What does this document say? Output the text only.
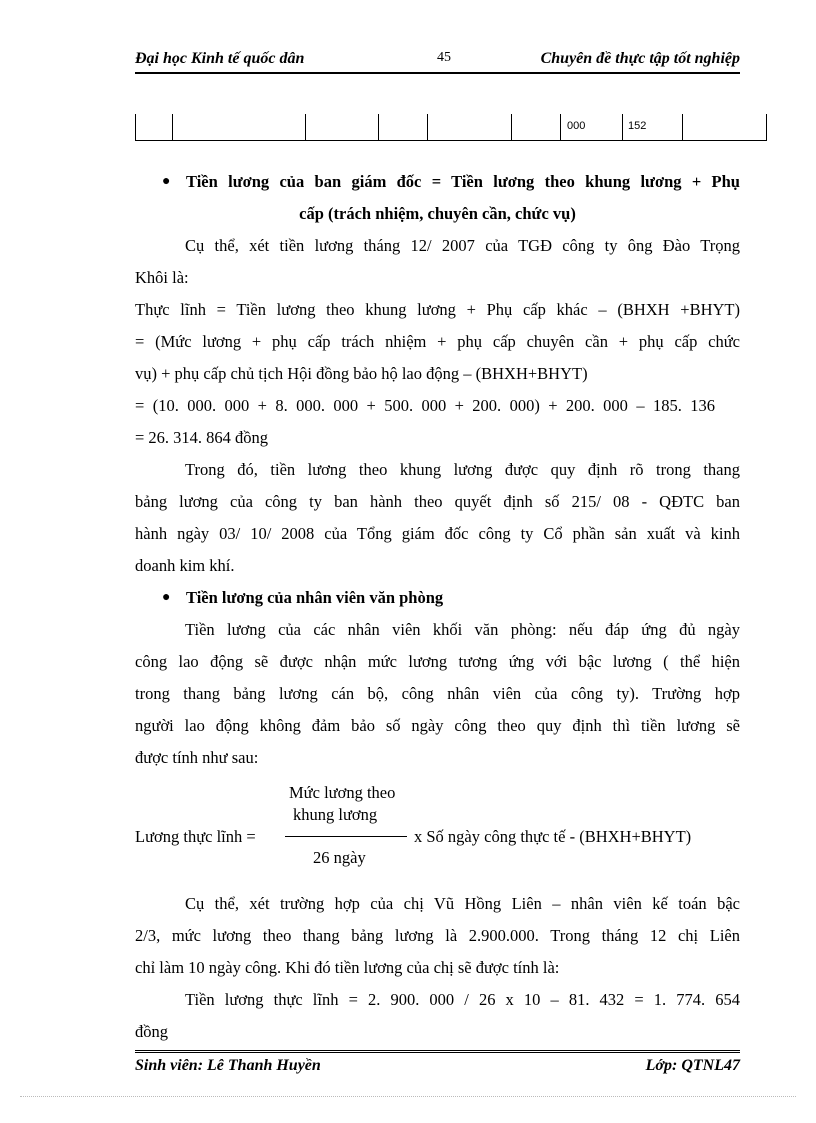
Đại học Kinh tế quốc dân	45	Chuyên đề thực tập tốt nghiệp
000	152
● Tiền lương của ban giám đốc = Tiền lương theo khung lương + Phụ
cấp (trách nhiệm, chuyên cần, chức vụ)
Cụ thể, xét tiền lương tháng 12/ 2007 của TGĐ công ty ông Đào Trọng
Khôi là:
Thực lĩnh = Tiền lương theo khung lương + Phụ cấp khác – (BHXH +BHYT)
= (Mức lương + phụ cấp trách nhiệm + phụ cấp chuyên cần + phụ cấp chức
vụ) + phụ cấp chủ tịch Hội đồng bảo hộ lao động – (BHXH+BHYT)
= (10. 000. 000 + 8. 000. 000 + 500. 000 + 200. 000) + 200. 000 – 185. 136
= 26. 314. 864 đồng
Trong đó, tiền lương theo khung lương được quy định rõ trong thang
bảng lương của công ty ban hành theo quyết định số 215/ 08 - QĐTC ban
hành ngày 03/ 10/ 2008 của Tổng giám đốc công ty Cổ phần sản xuất và kinh
doanh kim khí.
● Tiền lương của nhân viên văn phòng
Tiền lương của các nhân viên khối văn phòng: nếu đáp ứng đủ ngày
công lao động sẽ được nhận mức lương tương ứng với bậc lương ( thể hiện
trong thang bảng lương cán bộ, công nhân viên của công ty). Trường hợp
người lao động không đảm bảo số ngày công theo quy định thì tiền lương sẽ
được tính như sau:
Mức lương theo
khung lương
Lương thực lĩnh =	x Số ngày công thực tế - (BHXH+BHYT)
26 ngày
Cụ thể, xét trường hợp của chị Vũ Hồng Liên – nhân viên kế toán bậc
2/3, mức lương theo thang bảng lương là 2.900.000. Trong tháng 12 chị Liên
chỉ làm 10 ngày công. Khi đó tiền lương của chị sẽ được tính là:
Tiền lương thực lĩnh = 2. 900. 000 / 26 x 10 – 81. 432 = 1. 774. 654
đồng
Sinh viên: Lê Thanh Huyền	Lớp: QTNL47
